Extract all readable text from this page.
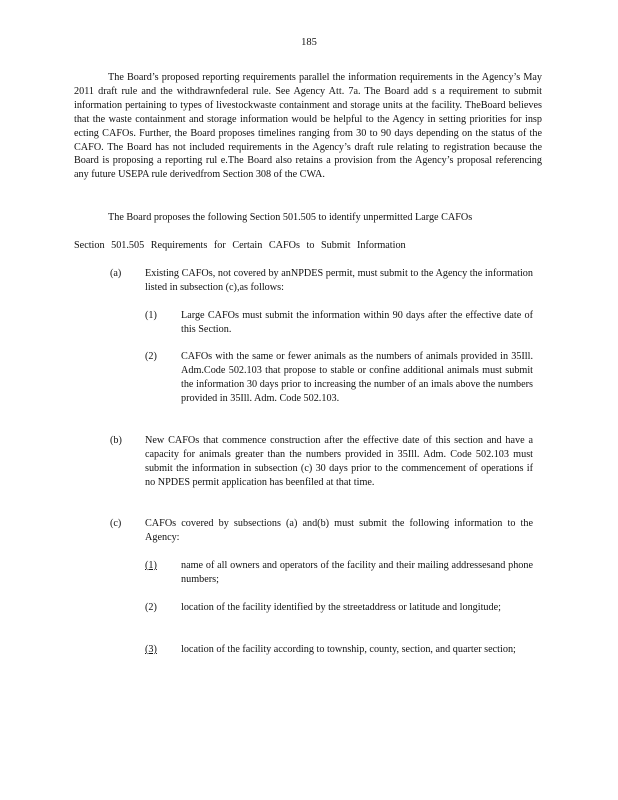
185

The Board’s proposed reporting requirements parallel the information requirements in the Agency’s May 2011 draft rule and the withdrawnfederal rule. See Agency Att. 7a. The Board add s a requirement to submit information pertaining to types of livestockwaste containment and storage units at the facility. TheBoard believes that the waste containment and storage information would be helpful to the Agency in setting priorities for insp ecting CAFOs. Further, the Board proposes timelines ranging from 30 to 90 days depending on the status of the CAFO. The Board has not included requirements in the Agency’s draft rule relating to registration because the Board is proposing a reporting rul e.The Board also retains a provision from the Agency’s proposal referencing any future USEPA rule derivedfrom Section 308 of the CWA.

The Board proposes the following Section 501.505 to identify unpermitted Large CAFOs

Section 501.505 Requirements for Certain CAFOs to Submit Information
(a) Existing CAFOs, not covered by anNPDES permit, must submit to the Agency the information listed in subsection (c),as follows:

(1) Large CAFOs must submit the information within 90 days after the effective date of this Section.

(2) CAFOs with the same or fewer animals as the numbers of animals provided in 35Ill. Adm.Code 502.103 that propose to stable or confine additional animals must submit the information 30 days prior to increasing the number of an imals above the numbers provided in 35Ill. Adm. Code 502.103.

(b) New CAFOs that commence construction after the effective date of this section and have a capacity for animals greater than the numbers provided in 35Ill. Adm. Code 502.103 must submit the information in subsection (c) 30 days prior to the commencement of operations if no NPDES permit application has beenfiled at that time.

(c) CAFOs covered by subsections (a) and(b) must submit the following information to the Agency:

(1) name of all owners and operators of the facility and their mailing addressesand phone numbers;

(2) location of the facility identified by the streetaddress or latitude and longitude;

(3) location of the facility according to township, county, section, and quarter section;
